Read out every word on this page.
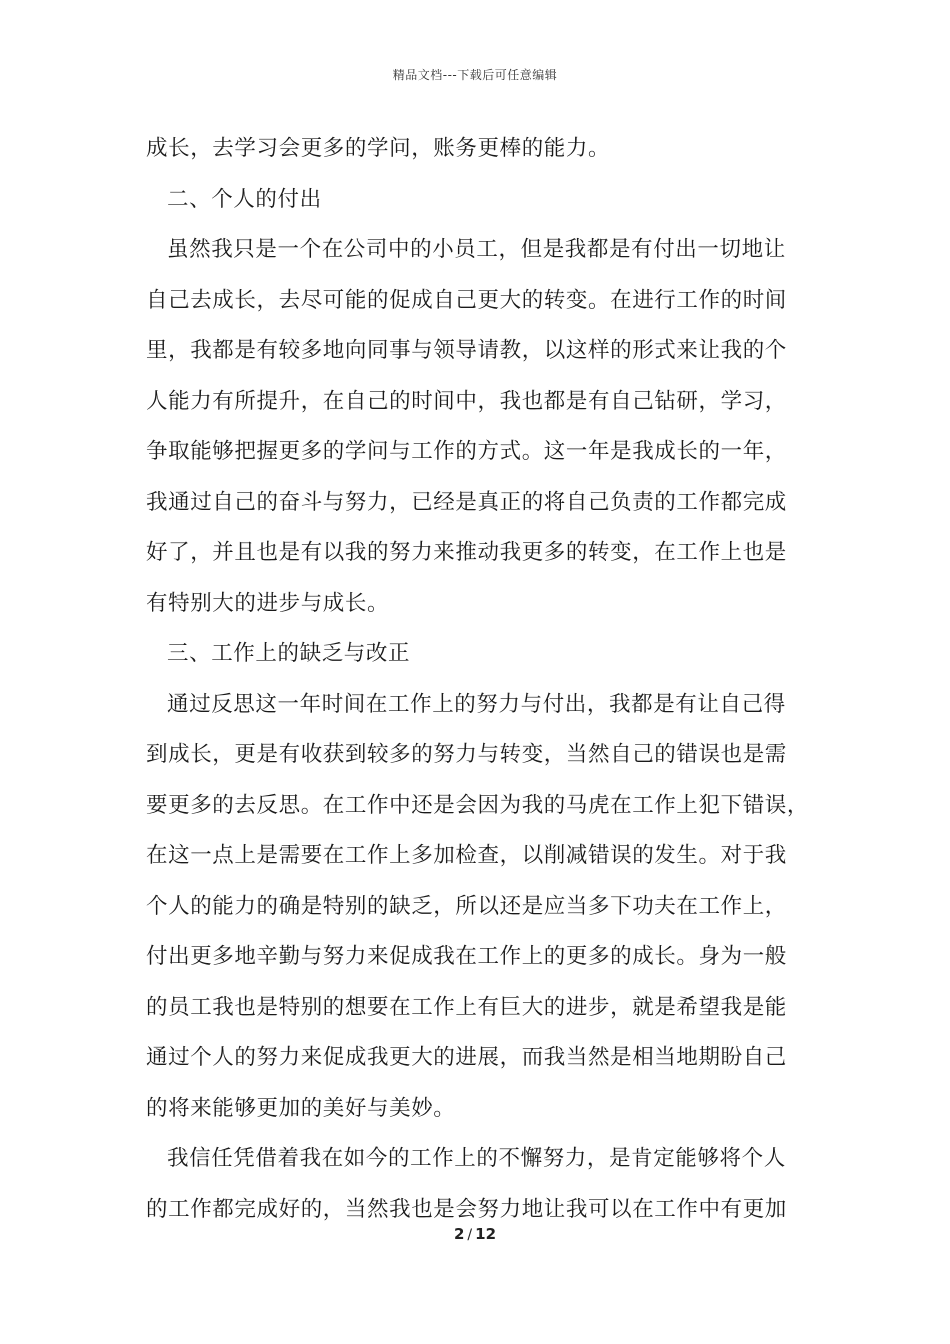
精品文档---下载后可任意编辑
成长，去学习会更多的学问，账务更棒的能力。
二、个人的付出
虽然我只是一个在公司中的小员工，但是我都是有付出一切地让
自己去成长，去尽可能的促成自己更大的转变。在进行工作的时间
里，我都是有较多地向同事与领导请教，以这样的形式来让我的个
人能力有所提升，在自己的时间中，我也都是有自己钻研，学习，
争取能够把握更多的学问与工作的方式。这一年是我成长的一年，
我通过自己的奋斗与努力，已经是真正的将自己负责的工作都完成
好了，并且也是有以我的努力来推动我更多的转变，在工作上也是
有特别大的进步与成长。
三、工作上的缺乏与改正
通过反思这一年时间在工作上的努力与付出，我都是有让自己得
到成长，更是有收获到较多的努力与转变，当然自己的错误也是需
要更多的去反思。在工作中还是会因为我的马虎在工作上犯下错误，
在这一点上是需要在工作上多加检查，以削减错误的发生。对于我
个人的能力的确是特别的缺乏，所以还是应当多下功夫在工作上，
付出更多地辛勤与努力来促成我在工作上的更多的成长。身为一般
的员工我也是特别的想要在工作上有巨大的进步，就是希望我是能
通过个人的努力来促成我更大的进展，而我当然是相当地期盼自己
的将来能够更加的美好与美妙。
我信任凭借着我在如今的工作上的不懈努力，是肯定能够将个人
的工作都完成好的，当然我也是会努力地让我可以在工作中有更加
2 / 12
